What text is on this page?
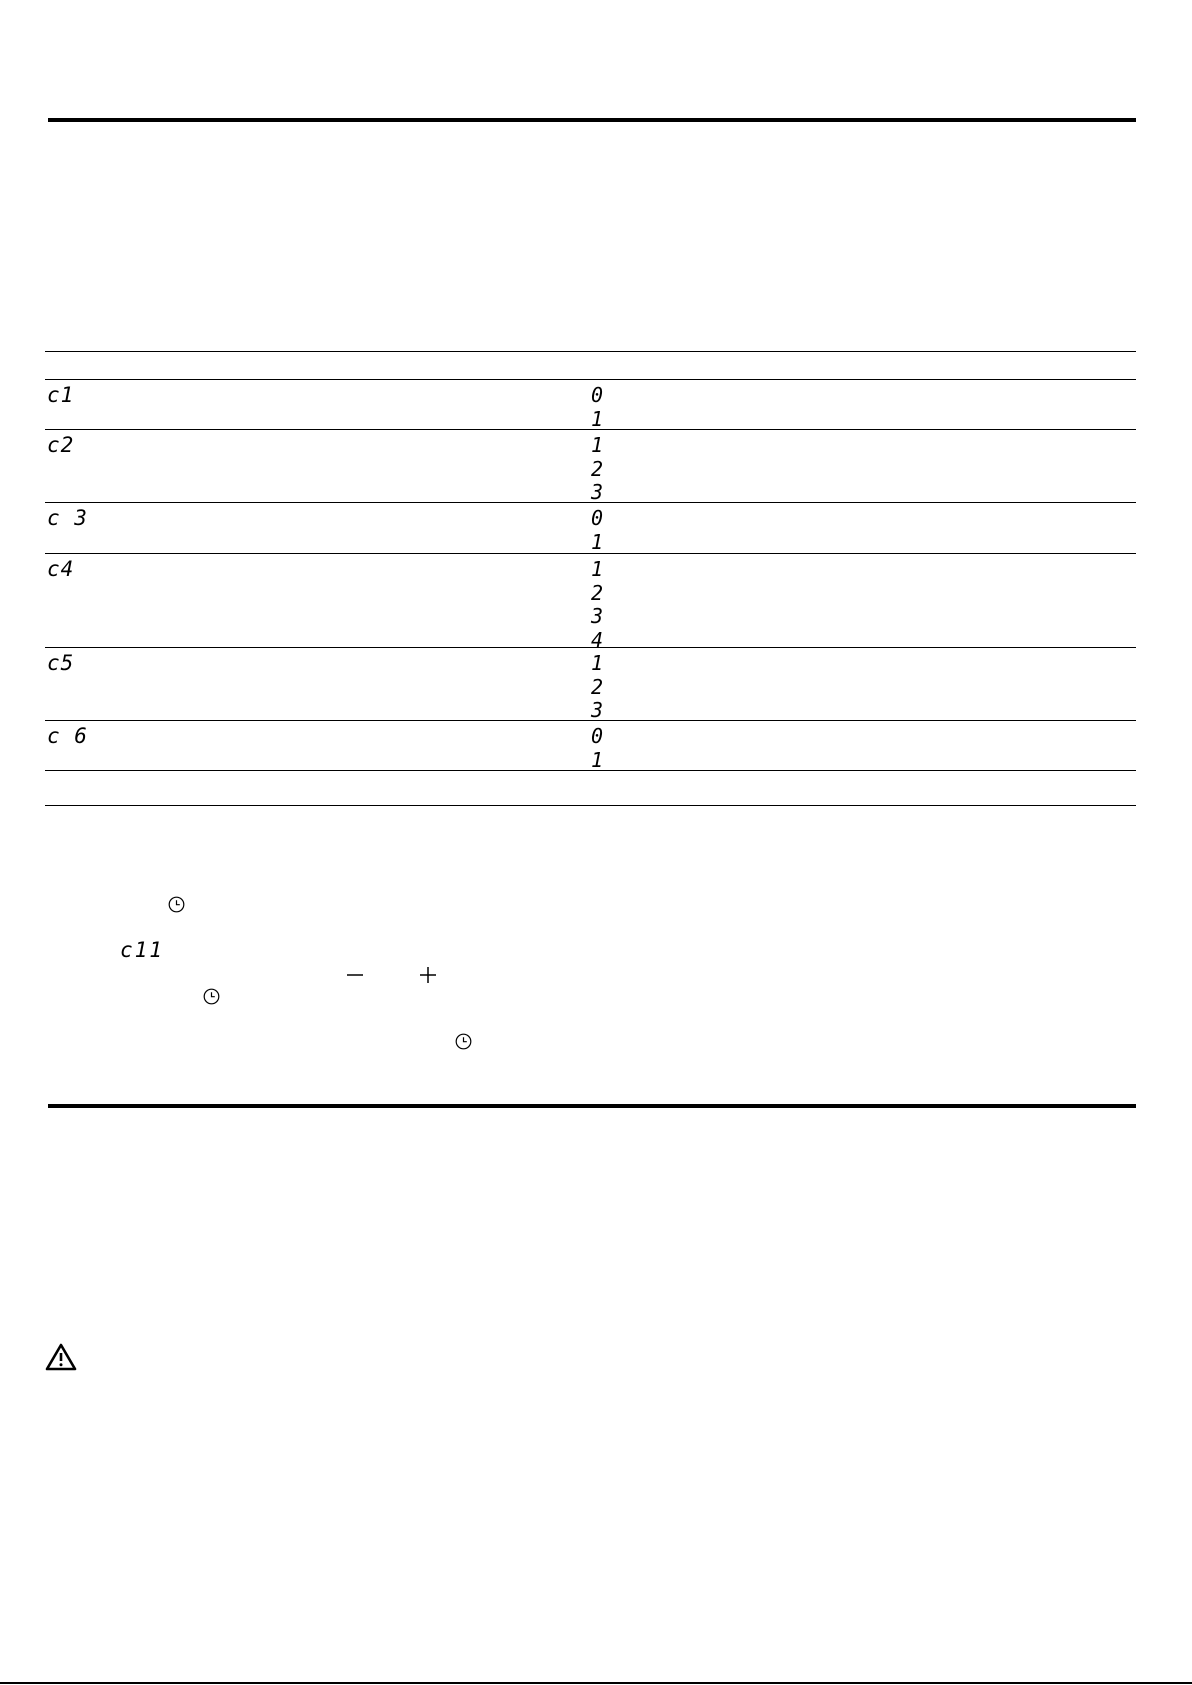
c1	0
1
c2	1
2
3
c 3	0
1
c4	1
2
3
4
c5	1
2
3
c 6	0
1
c11
